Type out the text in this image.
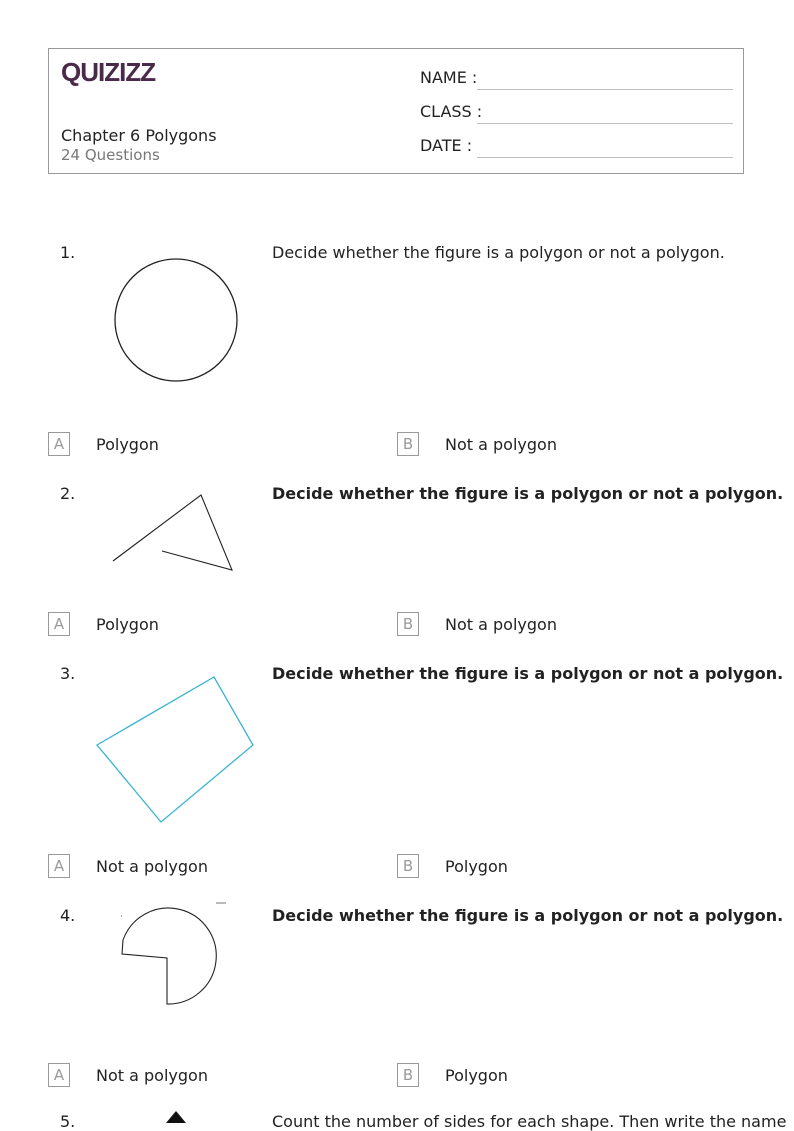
QUIZIZZ
Chapter 6 Polygons
24 Questions
NAME :
CLASS :
DATE :
1.	Decide whether the figure is a polygon or not a polygon.
A	Polygon	B	Not a polygon
2.	Decide whether the figure is a polygon or not a polygon.
A	Polygon	B	Not a polygon
3.	Decide whether the figure is a polygon or not a polygon.
A	Not a polygon	B	Polygon
4.	Decide whether the figure is a polygon or not a polygon.
A	Not a polygon	B	Polygon
5.	Count the number of sides for each shape. Then write the name
